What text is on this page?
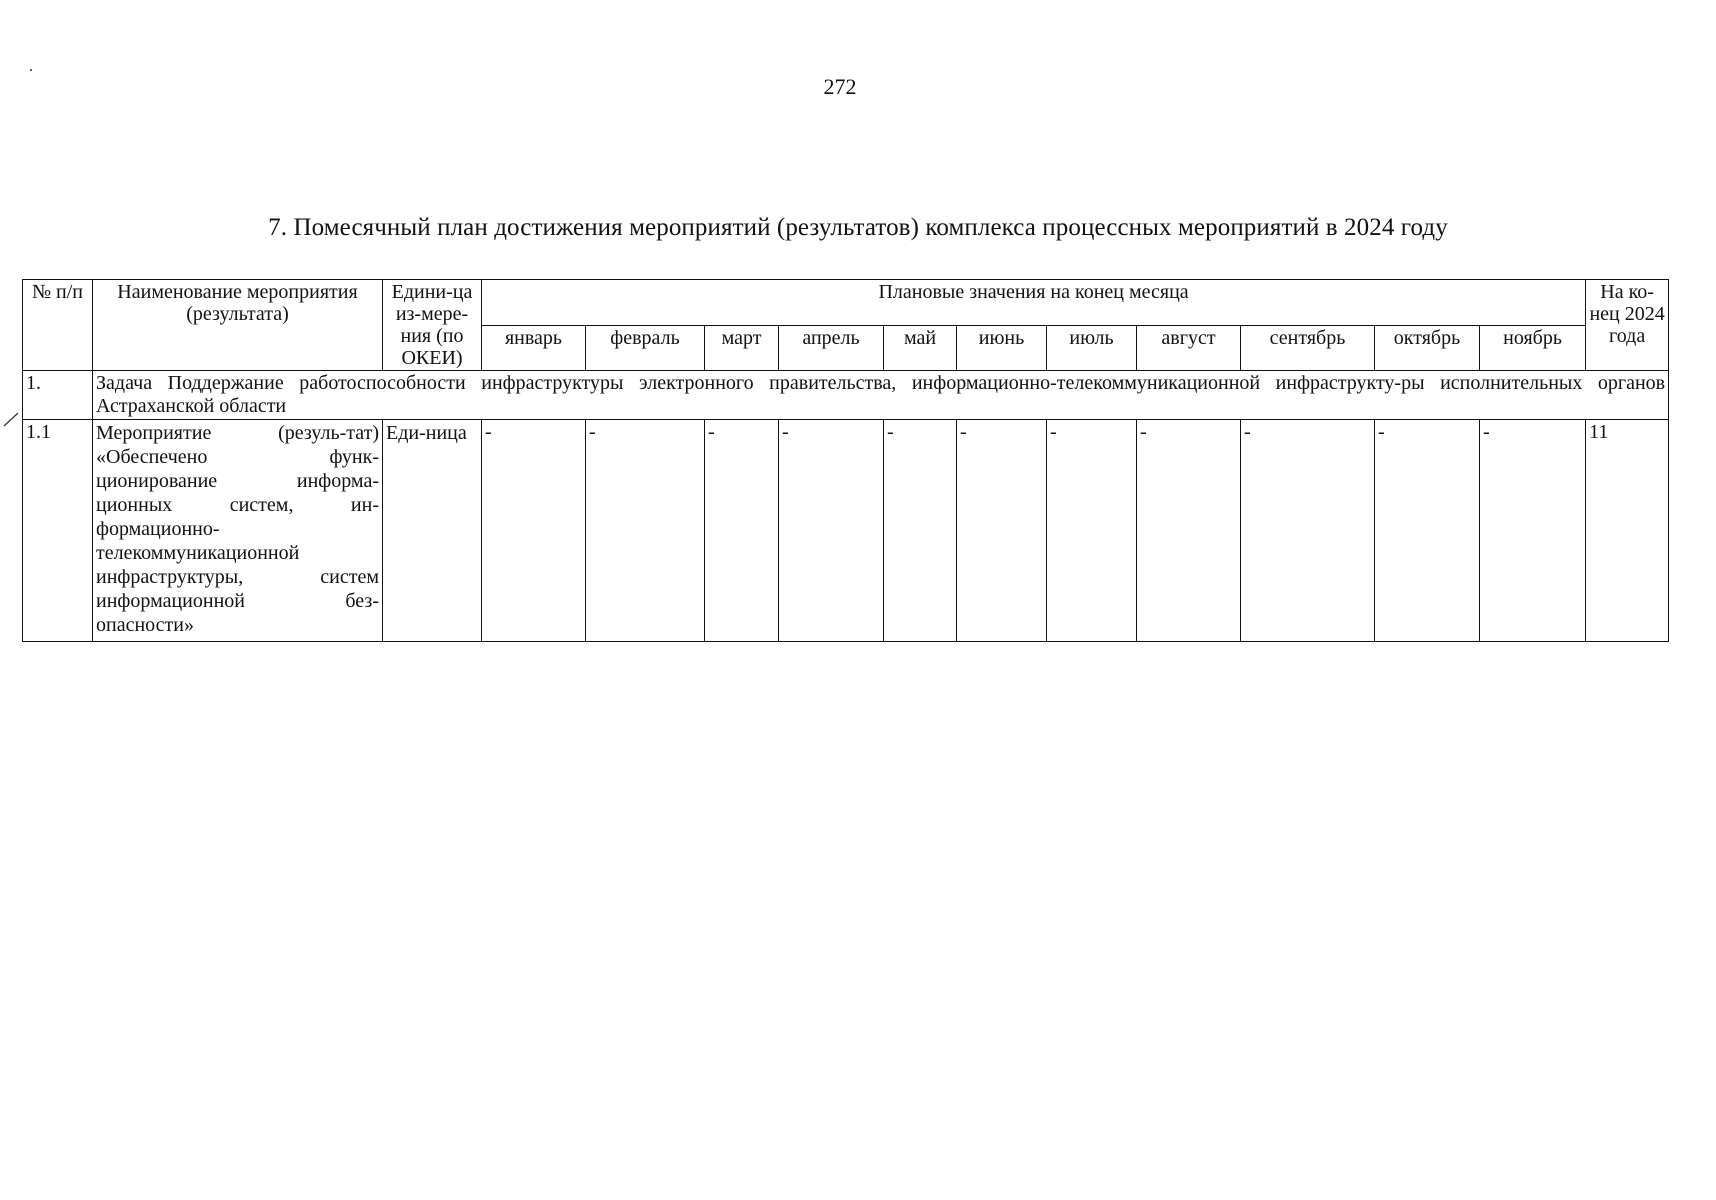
272
7. Помесячный план достижения мероприятий (результатов) комплекса процессных мероприятий в 2024 году
№ п/п	Наименование мероприятия (результата)	Едини-ца из-мере-ния (по ОКЕИ)	Плановые значения на конец месяца											На ко-нец 2024 года
			январь	февраль	март	апрель	май	июнь	июль	август	сентябрь	октябрь	ноябрь	
1.	Задача Поддержание работоспособности инфраструктуры электронного правительства, информационно-телекоммуникационной инфраструкту-ры исполнительных органов Астраханской области													
1.1	Мероприятие (резуль-тат) «Обеспечено функ-ционирование информа-ционных систем, ин-формационно-телекоммуникационной инфраструктуры, систем информационной без-опасности»	Еди-ница	-	-	-	-	-	-	-	-	-	-	-	11
